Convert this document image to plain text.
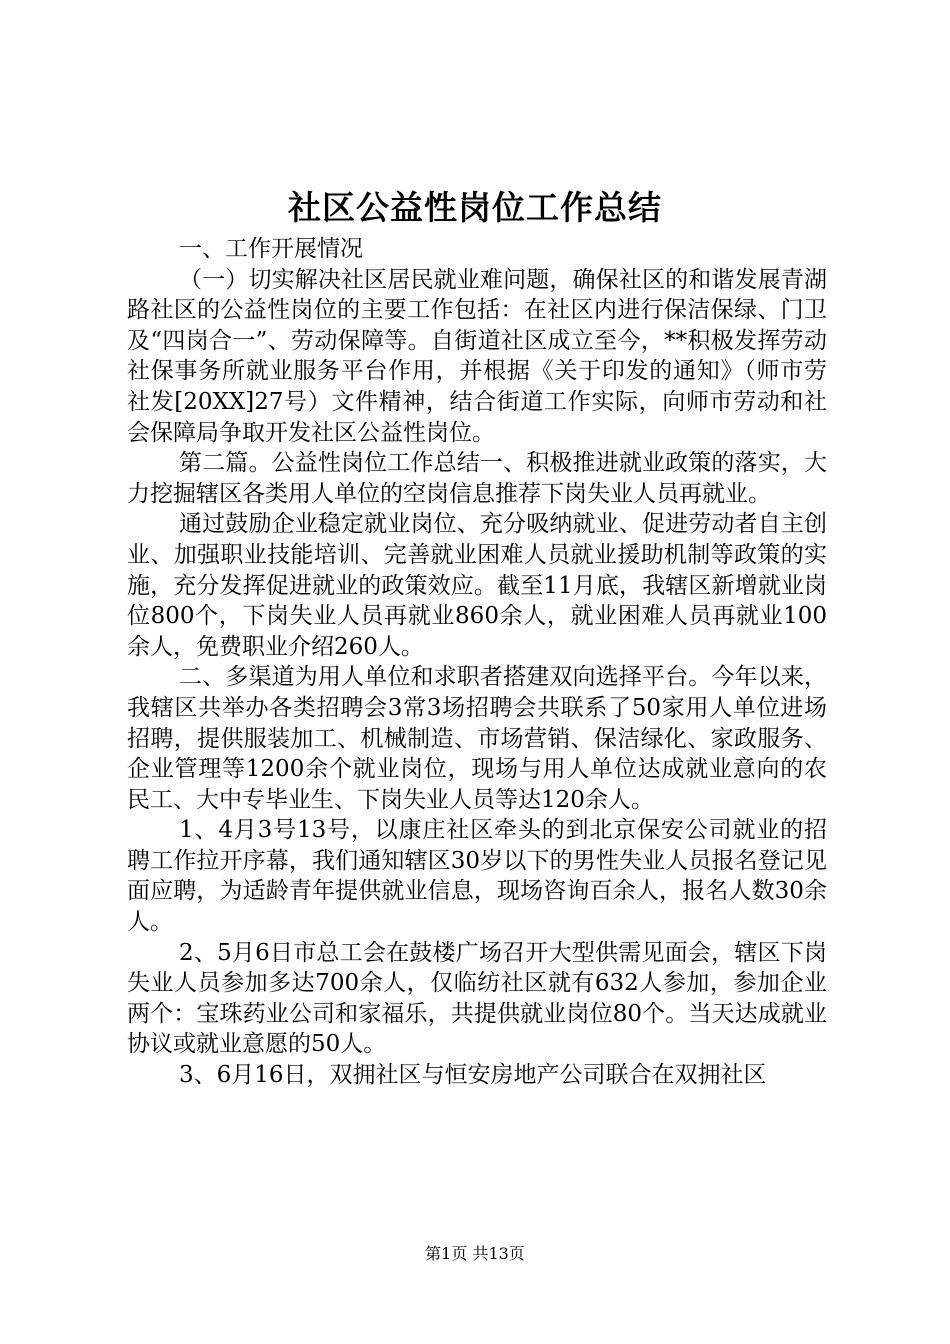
社区公益性岗位工作总结

一、工作开展情况

（一）切实解决社区居民就业难问题，确保社区的和谐发展青湖路社区的公益性岗位的主要工作包括：在社区内进行保洁保绿、门卫及“四岗合一”、劳动保障等。自街道社区成立至今，**积极发挥劳动社保事务所就业服务平台作用，并根据《关于印发的通知》（师市劳社发[20XX]27号）文件精神，结合街道工作实际，向师市劳动和社会保障局争取开发社区公益性岗位。

第二篇。公益性岗位工作总结一、积极推进就业政策的落实，大力挖掘辖区各类用人单位的空岗信息推荐下岗失业人员再就业。

通过鼓励企业稳定就业岗位、充分吸纳就业、促进劳动者自主创业、加强职业技能培训、完善就业困难人员就业援助机制等政策的实施，充分发挥促进就业的政策效应。截至11月底，我辖区新增就业岗位800个，下岗失业人员再就业860余人，就业困难人员再就业100余人，免费职业介绍260人。

二、多渠道为用人单位和求职者搭建双向选择平台。今年以来，我辖区共举办各类招聘会3常3场招聘会共联系了50家用人单位进场招聘，提供服装加工、机械制造、市场营销、保洁绿化、家政服务、企业管理等1200余个就业岗位，现场与用人单位达成就业意向的农民工、大中专毕业生、下岗失业人员等达120余人。

1、4月3号13号，以康庄社区牵头的到北京保安公司就业的招聘工作拉开序幕，我们通知辖区30岁以下的男性失业人员报名登记见面应聘，为适龄青年提供就业信息，现场咨询百余人，报名人数30余人。

2、5月6日市总工会在鼓楼广场召开大型供需见面会，辖区下岗失业人员参加多达700余人，仅临纺社区就有632人参加，参加企业两个：宝珠药业公司和家福乐，共提供就业岗位80个。当天达成就业协议或就业意愿的50人。

3、6月16日，双拥社区与恒安房地产公司联合在双拥社区

第1页 共13页
